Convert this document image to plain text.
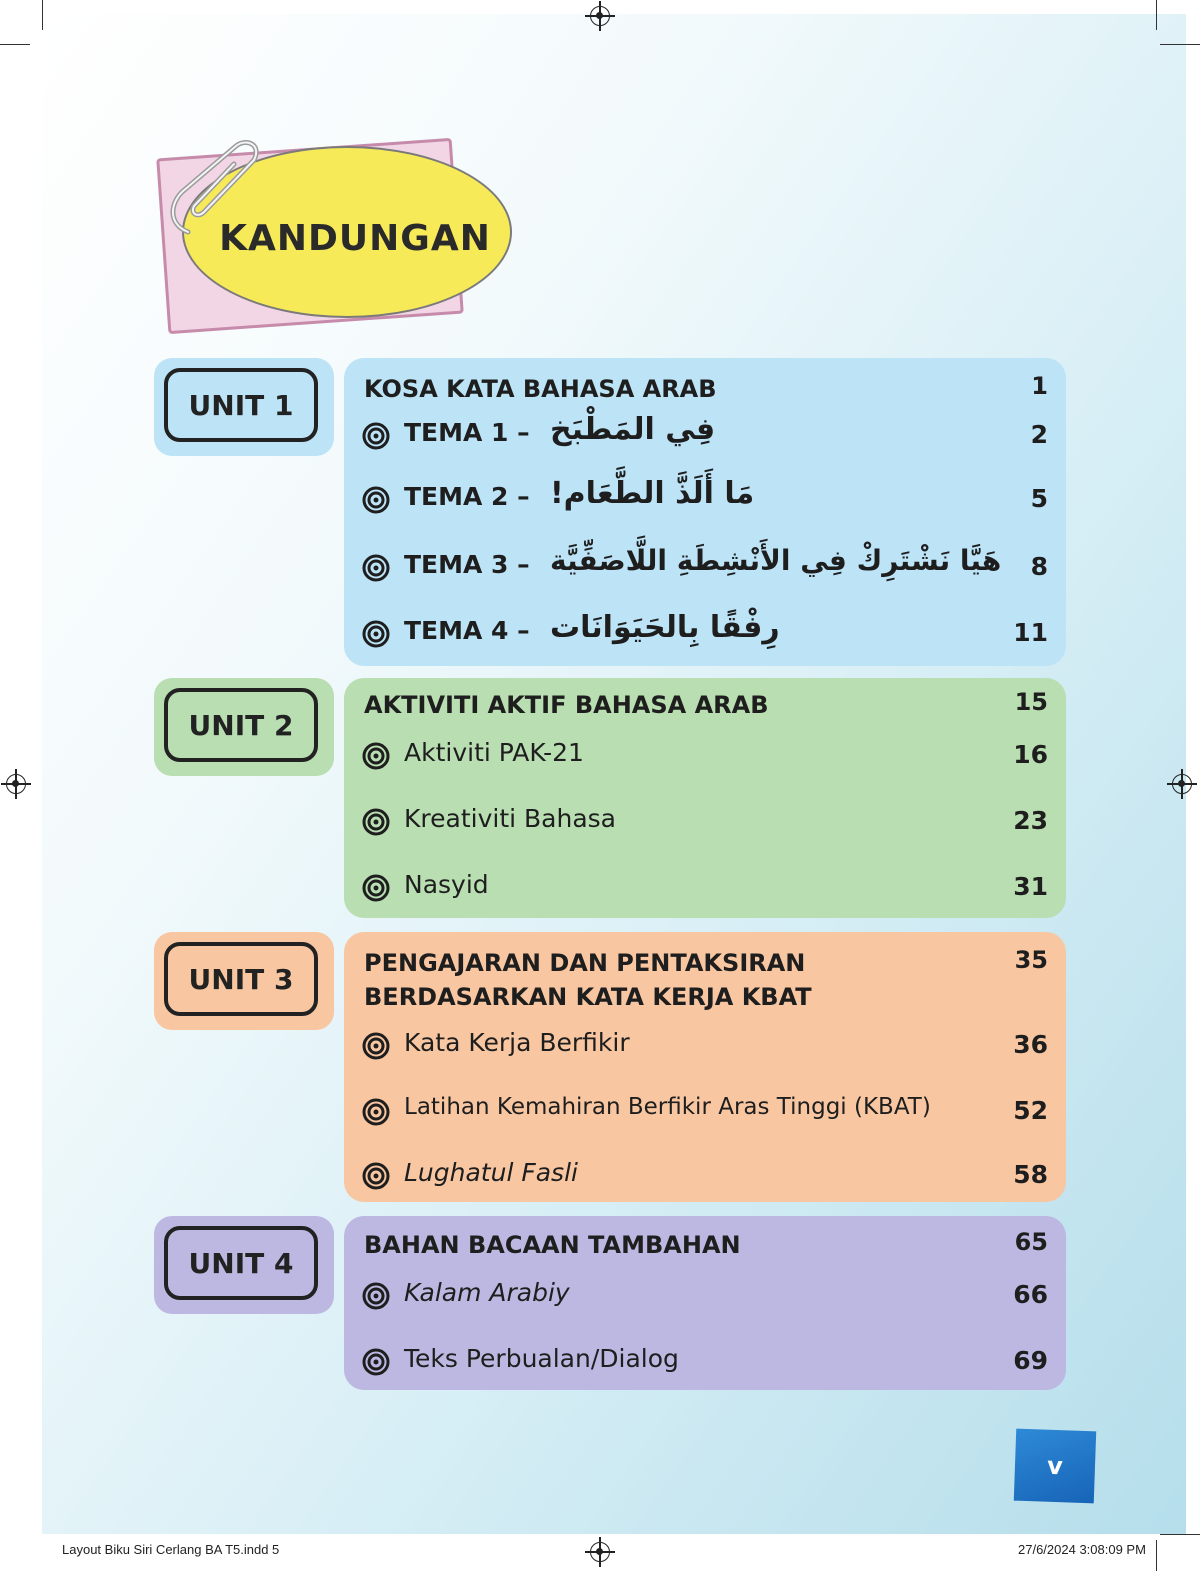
KANDUNGAN
UNIT 1	KOSA KATA BAHASA ARAB	1
TEMA 1 – فِي المَطْبَخ	2
TEMA 2 – مَا أَلَذَّ الطَّعَام!	5
TEMA 3 – هَيَّا نَشْتَرِكْ فِي الأَنْشِطَةِ اللَّاصَفِّيَّة 8
TEMA 4 – رِفْقًا بِالحَيَوَانَات	11
UNIT 2
AKTIVITI AKTIF BAHASA ARAB	15
Aktiviti PAK-21	16
Kreativiti Bahasa	23
Nasyid	31
UNIT 3	PENGAJARAN DAN PENTAKSIRAN
BERDASARKAN KATA KERJA KBAT
35
Kata Kerja Berfikir	36
Latihan Kemahiran Berfikir Aras Tinggi (KBAT)	52
Lughatul Fasli	58
UNIT 4
BAHAN BACAAN TAMBAHAN	65
Kalam Arabiy	66
Teks Perbualan/Dialog	69
v
Layout Biku Siri Cerlang BA T5.indd 5	27/6/2024 3:08:09 PM
